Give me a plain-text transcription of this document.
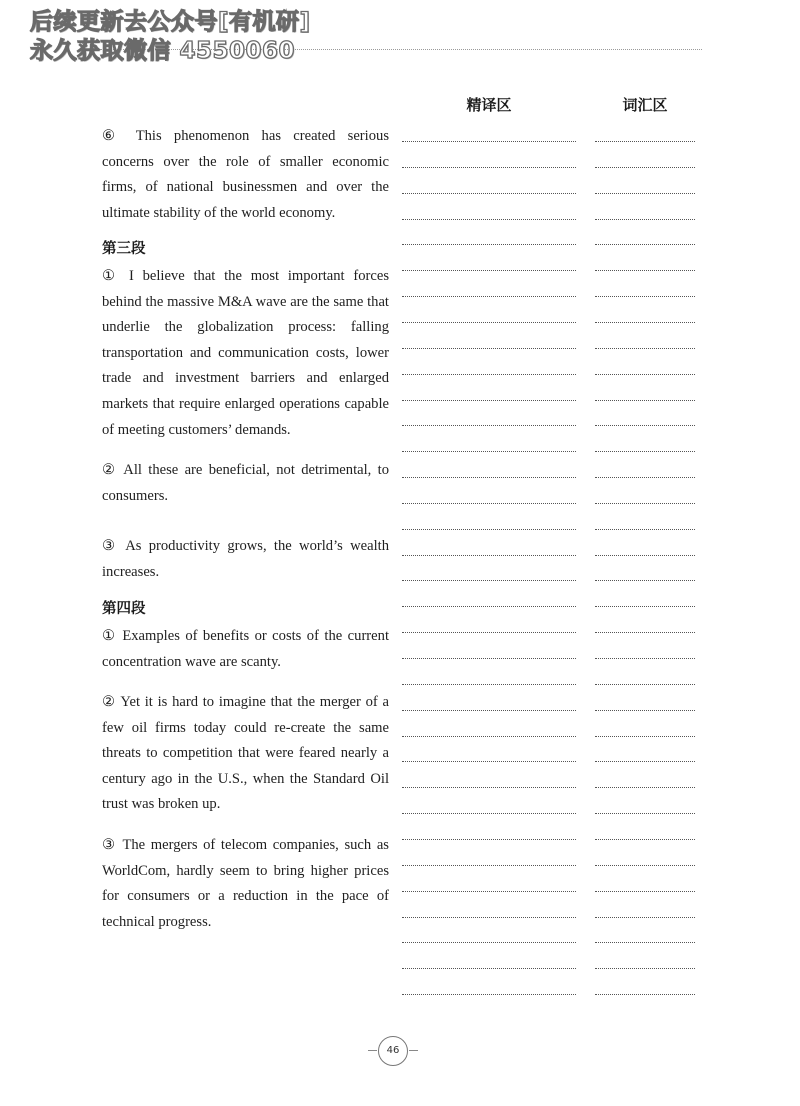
后续更新去公众号[有机研]
永久获取微信 4550060
精译区	词汇区
⑥ This phenomenon has created serious concerns over the role of smaller economic firms, of national businessmen and over the ultimate stability of the world economy.
第三段
① I believe that the most important forces behind the massive M&A wave are the same that underlie the globalization process: falling transportation and communication costs, lower trade and investment barriers and enlarged markets that require enlarged operations capable of meeting customers’ demands.
② All these are beneficial, not detrimental, to consumers.
③ As productivity grows, the world’s wealth increases.
第四段
① Examples of benefits or costs of the current concentration wave are scanty.
② Yet it is hard to imagine that the merger of a few oil firms today could re-create the same threats to competition that were feared nearly a century ago in the U.S., when the Standard Oil trust was broken up.
③ The mergers of telecom companies, such as WorldCom, hardly seem to bring higher prices for consumers or a reduction in the pace of technical progress.
46
